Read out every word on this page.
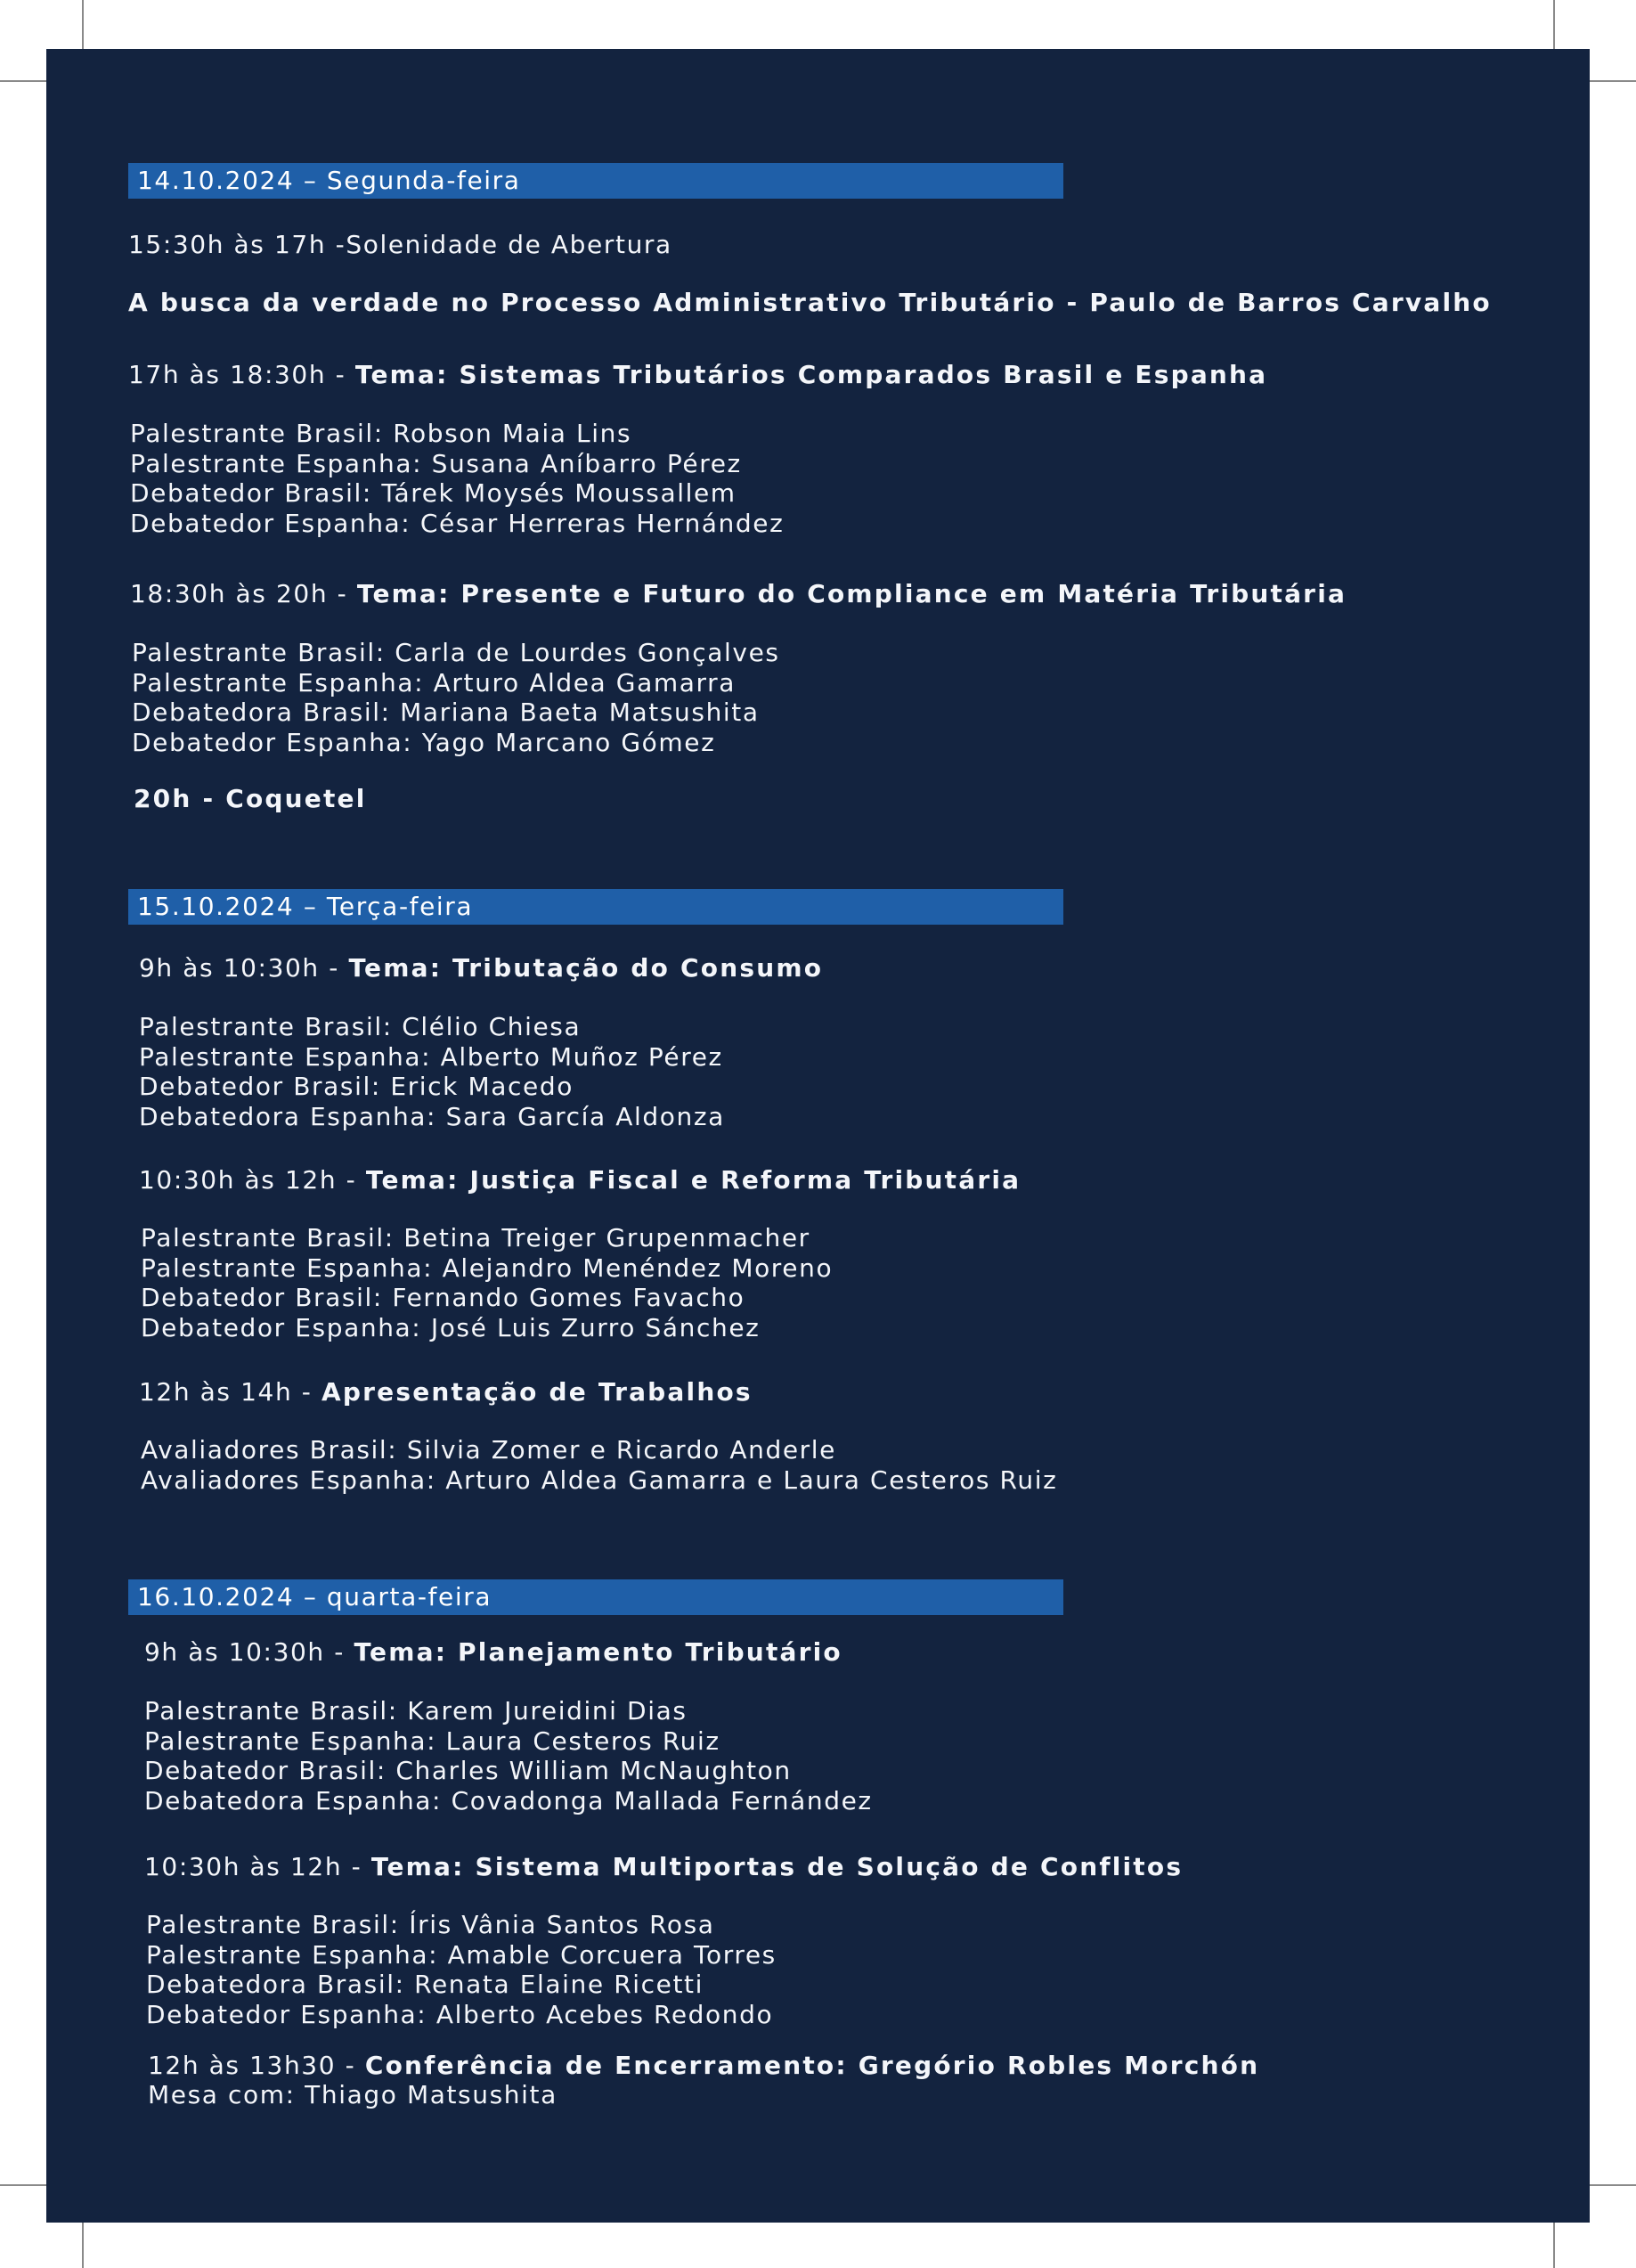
14.10.2024 – Segunda-feira
15:30h às 17h -Solenidade de Abertura
A busca da verdade no Processo Administrativo Tributário - Paulo de Barros Carvalho
17h às 18:30h - Tema: Sistemas Tributários Comparados Brasil e Espanha
Palestrante Brasil: Robson Maia Lins
Palestrante Espanha: Susana Aníbarro Pérez
Debatedor Brasil: Tárek Moysés Moussallem
Debatedor Espanha: César Herreras Hernández
18:30h às 20h - Tema: Presente e Futuro do Compliance em Matéria Tributária
Palestrante Brasil: Carla de Lourdes Gonçalves
Palestrante Espanha: Arturo Aldea Gamarra
Debatedora Brasil: Mariana Baeta Matsushita
Debatedor Espanha: Yago Marcano Gómez
20h - Coquetel
15.10.2024 – Terça-feira
9h às 10:30h - Tema: Tributação do Consumo
Palestrante Brasil: Clélio Chiesa
Palestrante Espanha: Alberto Muñoz Pérez
Debatedor Brasil: Erick Macedo
Debatedora Espanha: Sara García Aldonza
10:30h às 12h - Tema: Justiça Fiscal e Reforma Tributária
Palestrante Brasil: Betina Treiger Grupenmacher
Palestrante Espanha: Alejandro Menéndez Moreno
Debatedor Brasil: Fernando Gomes Favacho
Debatedor Espanha: José Luis Zurro Sánchez
12h às 14h - Apresentação de Trabalhos
Avaliadores Brasil: Silvia Zomer e Ricardo Anderle
Avaliadores Espanha: Arturo Aldea Gamarra e Laura Cesteros Ruiz
16.10.2024 – quarta-feira
9h às 10:30h - Tema: Planejamento Tributário
Palestrante Brasil: Karem Jureidini Dias
Palestrante Espanha: Laura Cesteros Ruiz
Debatedor Brasil: Charles William McNaughton
Debatedora Espanha: Covadonga Mallada Fernández
10:30h às 12h - Tema: Sistema Multiportas de Solução de Conflitos
Palestrante Brasil: Íris Vânia Santos Rosa
Palestrante Espanha: Amable Corcuera Torres
Debatedora Brasil: Renata Elaine Ricetti
Debatedor Espanha: Alberto Acebes Redondo
12h às 13h30 - Conferência de Encerramento: Gregório Robles Morchón
Mesa com: Thiago Matsushita
